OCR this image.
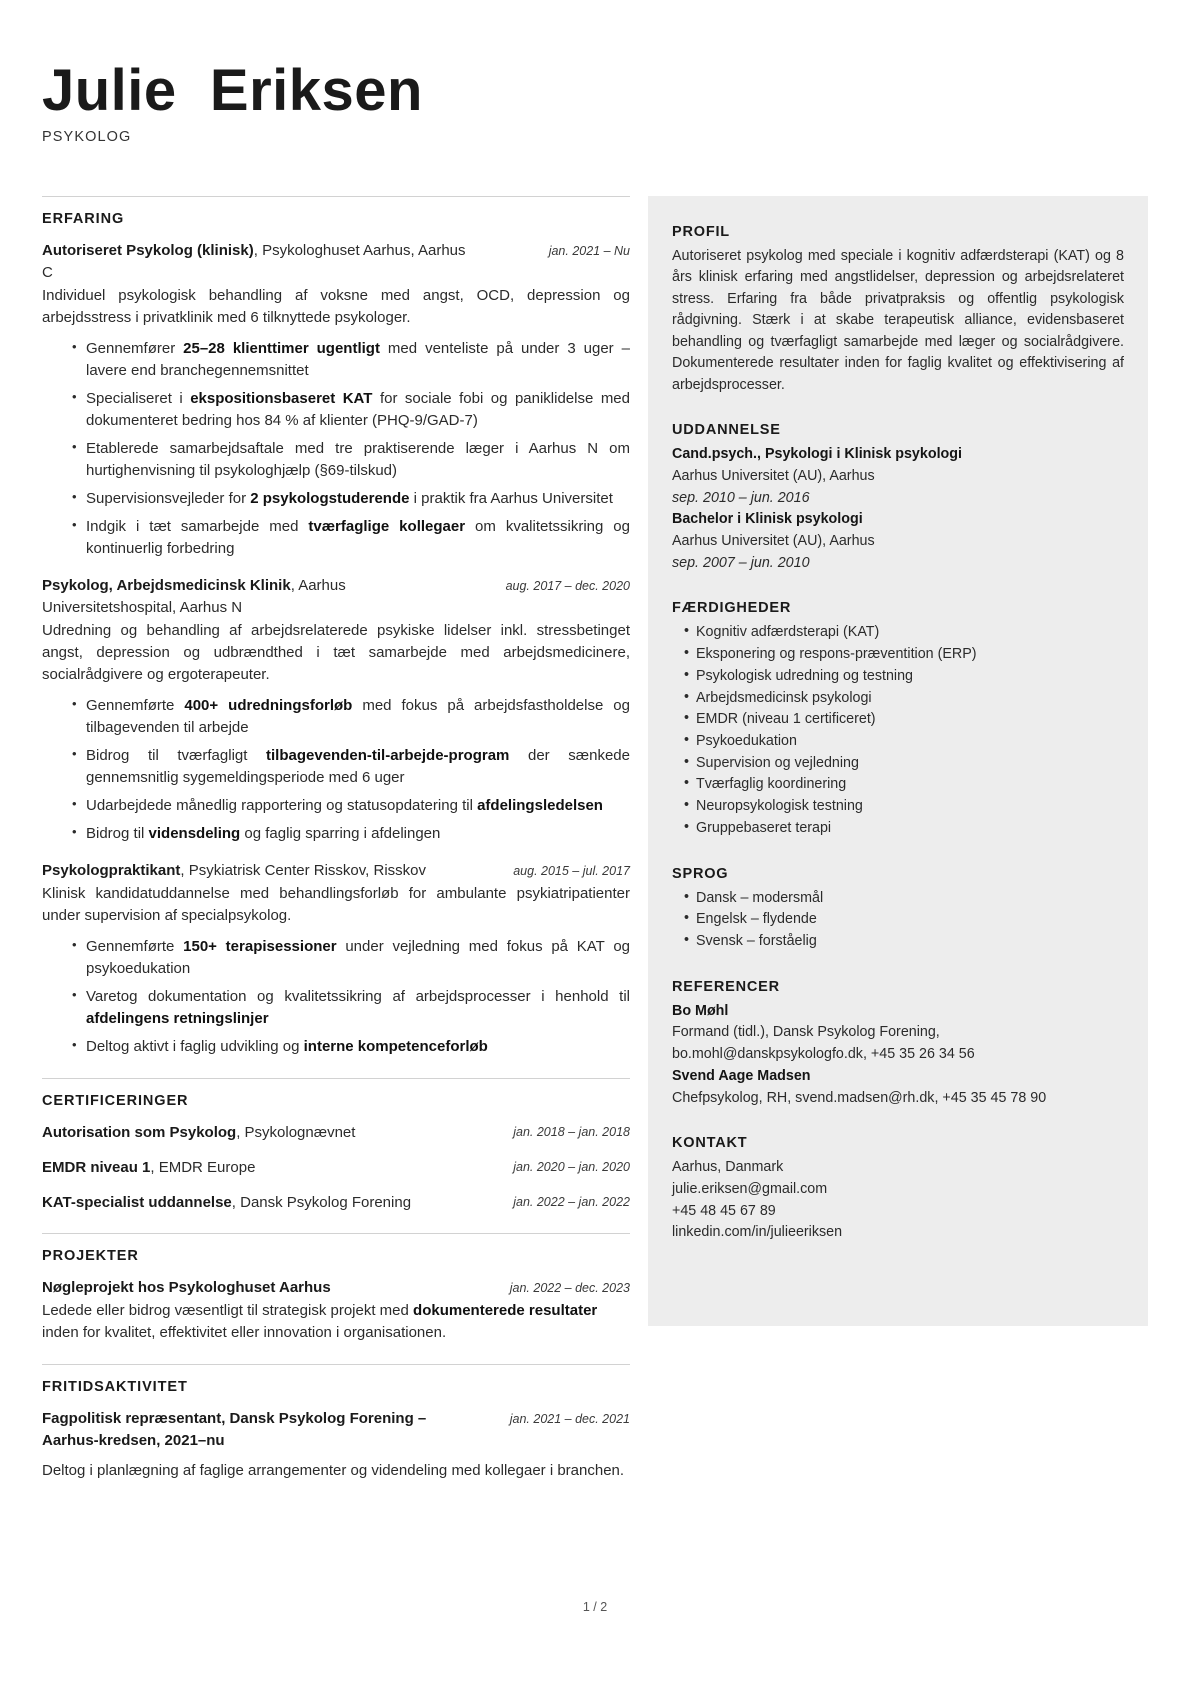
Julie  Eriksen
PSYKOLOG
ERFARING
Autoriseret Psykolog (klinisk), Psykologhuset Aarhus, Aarhus C
jan. 2021 – Nu
Individuel psykologisk behandling af voksne med angst, OCD, depression og arbejdsstress i privatklinik med 6 tilknyttede psykologer.
• Gennemfører 25–28 klienttimer ugentligt med venteliste på under 3 uger – lavere end branchegennemsnittet
• Specialiseret i ekspositionsbaseret KAT for sociale fobi og paniklidelse med dokumenteret bedring hos 84 % af klienter (PHQ-9/GAD-7)
• Etablerede samarbejdsaftale med tre praktiserende læger i Aarhus N om hurtighenvisning til psykologhjælp (§69-tilskud)
• Supervisionsvejleder for 2 psykologstuderende i praktik fra Aarhus Universitet
• Indgik i tæt samarbejde med tværfaglige kollegaer om kvalitetssikring og kontinuerlig forbedring
Psykolog, Arbejdsmedicinsk Klinik, Aarhus Universitetshospital, Aarhus N
aug. 2017 – dec. 2020
Udredning og behandling af arbejdsrelaterede psykiske lidelser inkl. stressbetinget angst, depression og udbrændthed i tæt samarbejde med arbejdsmedicinere, socialrådgivere og ergoterapeuter.
• Gennemførte 400+ udredningsforløb med fokus på arbejdsfastholdelse og tilbagevenden til arbejde
• Bidrog til tværfagligt tilbagevenden-til-arbejde-program der sænkede gennemsnitlig sygemeldingsperiode med 6 uger
• Udarbejdede månedlig rapportering og statusopdatering til afdelingsledelsen
• Bidrog til vidensdeling og faglig sparring i afdelingen
Psykologpraktikant, Psykiatrisk Center Risskov, Risskov	aug. 2015 – jul. 2017
Klinisk kandidatuddannelse med behandlingsforløb for ambulante psykiatripatienter under supervision af specialpsykolog.
• Gennemførte 150+ terapisessioner under vejledning med fokus på KAT og psykoedukation
• Varetog dokumentation og kvalitetssikring af arbejdsprocesser i henhold til afdelingens retningslinjer
• Deltog aktivt i faglig udvikling og interne kompetenceforløb
CERTIFICERINGER
Autorisation som Psykolog, Psykolognævnet	jan. 2018 – jan. 2018
EMDR niveau 1, EMDR Europe	jan. 2020 – jan. 2020
KAT-specialist uddannelse, Dansk Psykolog Forening	jan. 2022 – jan. 2022
PROJEKTER
Nøgleprojekt hos Psykologhuset Aarhus	jan. 2022 – dec. 2023
Ledede eller bidrog væsentligt til strategisk projekt med dokumenterede resultater inden for kvalitet, effektivitet eller innovation i organisationen.
FRITIDSAKTIVITET
Fagpolitisk repræsentant, Dansk Psykolog Forening – Aarhus-kredsen, 2021–nu
jan. 2021 – dec. 2021
Deltog i planlægning af faglige arrangementer og videndeling med kollegaer i branchen.
PROFIL
Autoriseret psykolog med speciale i kognitiv adfærdsterapi (KAT) og 8 års klinisk erfaring med angstlidelser, depression og arbejdsrelateret stress. Erfaring fra både privatpraksis og offentlig psykologisk rådgivning. Stærk i at skabe terapeutisk alliance, evidensbaseret behandling og tværfagligt samarbejde med læger og socialrådgivere. Dokumenterede resultater inden for faglig kvalitet og effektivisering af arbejdsprocesser.
UDDANNELSE
Cand.psych., Psykologi i Klinisk psykologi
Aarhus Universitet (AU), Aarhus
sep. 2010 – jun. 2016
Bachelor i Klinisk psykologi
Aarhus Universitet (AU), Aarhus
sep. 2007 – jun. 2010
FÆRDIGHEDER
• Kognitiv adfærdsterapi (KAT)
• Eksponering og respons-præventition (ERP)
• Psykologisk udredning og testning
• Arbejdsmedicinsk psykologi
• EMDR (niveau 1 certificeret)
• Psykoedukation
• Supervision og vejledning
• Tværfaglig koordinering
• Neuropsykologisk testning
• Gruppebaseret terapi
SPROG
• Dansk – modersmål
• Engelsk – flydende
• Svensk – forståelig
REFERENCER
Bo Møhl
Formand (tidl.), Dansk Psykolog Forening, bo.mohl@danskpsykologfo.dk, +45 35 26 34 56
Svend Aage Madsen
Chefpsykolog, RH, svend.madsen@rh.dk, +45 35 45 78 90
KONTAKT
Aarhus, Danmark
julie.eriksen@gmail.com
+45 48 45 67 89
linkedin.com/in/julieeriksen
1 / 2
